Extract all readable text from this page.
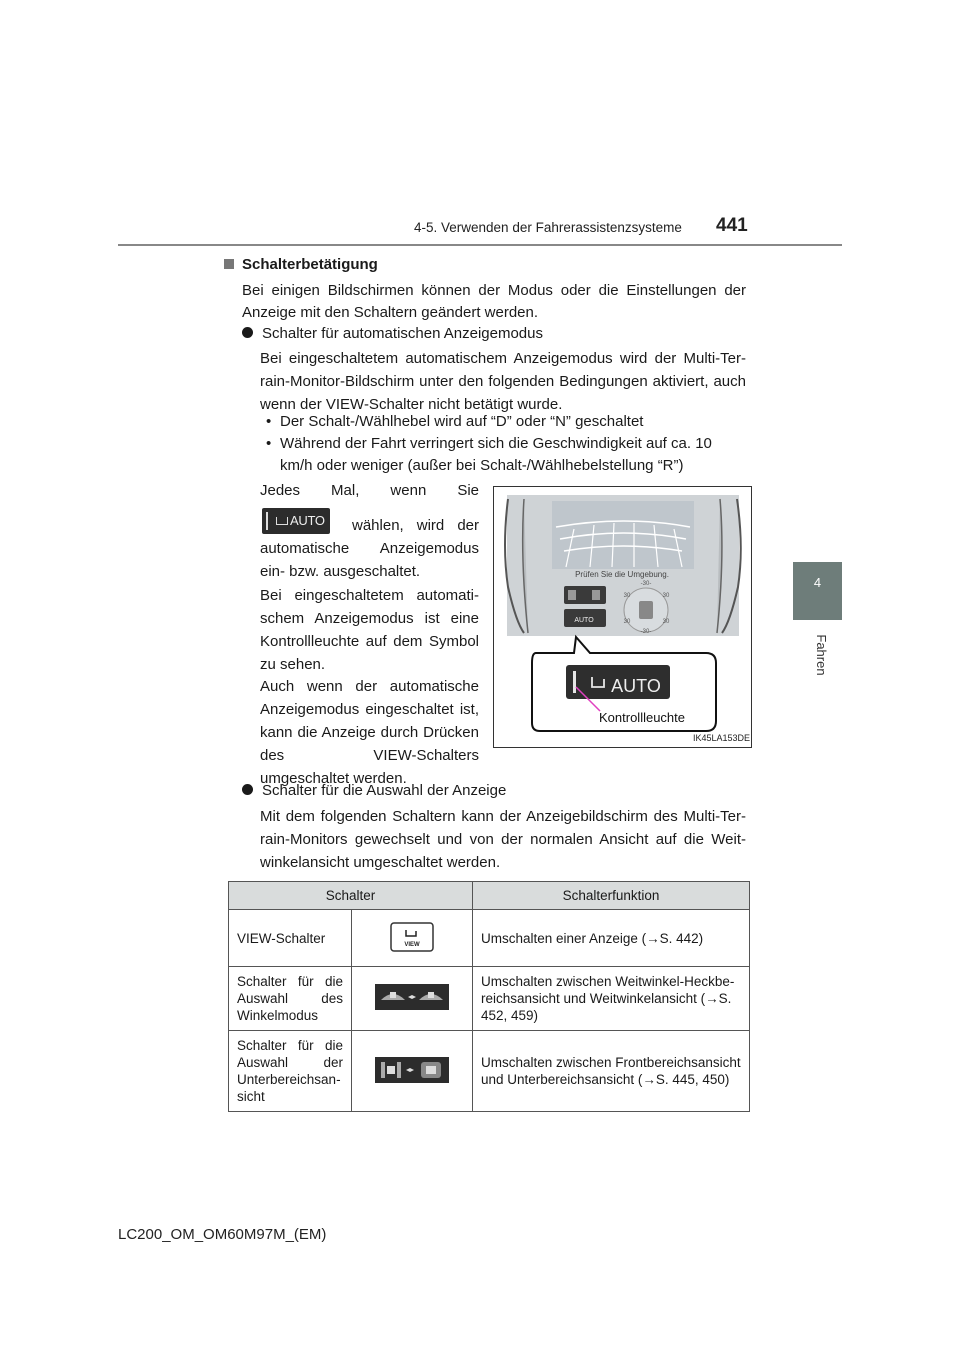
4-5. Verwenden der Fahrerassistenzsysteme 441
4
Fahren
Schalterbetätigung
Bei einigen Bildschirmen können der Modus oder die Einstellungen der Anzeige mit den Schaltern geändert werden.
Schalter für automatischen Anzeigemodus
Bei eingeschaltetem automatischem Anzeigemodus wird der Multi-Terrain-Monitor-Bildschirm unter den folgenden Bedingungen aktiviert, auch wenn der VIEW-Schalter nicht betätigt wurde.
• Der Schalt-/Wählhebel wird auf “D” oder “N” geschaltet
• Während der Fahrt verringert sich die Geschwindigkeit auf ca. 10 km/h oder weniger (außer bei Schalt-/Wählhebelstellung “R”)
Jedes Mal, wenn Sie
AUTO	wählen, wird der automatische Anzeigemodus ein- bzw. ausgeschaltet.
Bei eingeschaltetem automatischem Anzeigemodus ist eine Kontrollleuchte auf dem Symbol zu sehen.
Auch wenn der automatische Anzeigemodus eingeschaltet ist, kann die Anzeige durch Drücken des VIEW-Schalters umgeschaltet werden.
Prüfen Sie die Umgebung.
AUTO
-30-
30	30
30	30
-30-
AUTO
Kontrollleuchte
IK45LA153DE
Schalter für die Auswahl der Anzeige
Mit dem folgenden Schaltern kann der Anzeigebildschirm des Multi-Terrain-Monitors gewechselt und von der normalen Ansicht auf die Weitwinkelansicht umgeschaltet werden.
Schalter		Schalterfunktion
VIEW-Schalter	VIEW	Umschalten einer Anzeige (→S. 442)
Schalter für die Auswahl des Winkelmodus		Umschalten zwischen Weitwinkel-Heckbereichsansicht und Weitwinkelansicht (→S. 452, 459)
Schalter für die Auswahl der Unterbereichsansicht		Umschalten zwischen Frontbereichsansicht und Unterbereichsansicht (→S. 445, 450)
LC200_OM_OM60M97M_(EM)
